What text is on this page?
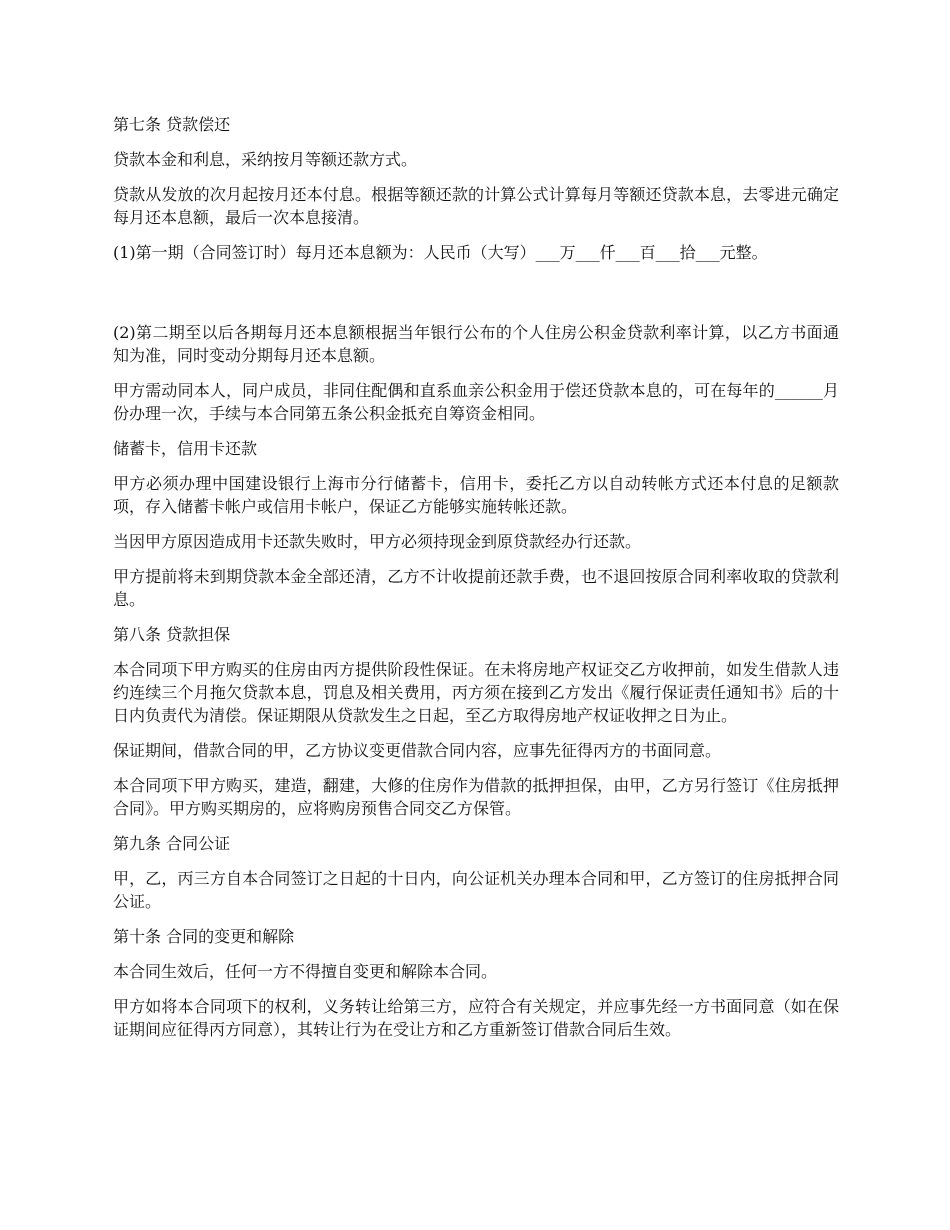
第七条 贷款偿还

贷款本金和利息，采纳按月等额还款方式。

贷款从发放的次月起按月还本付息。根据等额还款的计算公式计算每月等额还贷款本息，去零进元确定每月还本息额，最后一次本息接清。

(1)第一期（合同签订时）每月还本息额为：人民币（大写）___万___仟___百___拾___元整。

(2)第二期至以后各期每月还本息额根据当年银行公布的个人住房公积金贷款利率计算，以乙方书面通知为准，同时变动分期每月还本息额。

甲方需动同本人，同户成员，非同住配偶和直系血亲公积金用于偿还贷款本息的，可在每年的______月份办理一次，手续与本合同第五条公积金抵充自筹资金相同。

储蓄卡，信用卡还款

甲方必须办理中国建设银行上海市分行储蓄卡，信用卡，委托乙方以自动转帐方式还本付息的足额款项，存入储蓄卡帐户或信用卡帐户，保证乙方能够实施转帐还款。

当因甲方原因造成用卡还款失败时，甲方必须持现金到原贷款经办行还款。

甲方提前将未到期贷款本金全部还清，乙方不计收提前还款手费，也不退回按原合同利率收取的贷款利息。

第八条 贷款担保

本合同项下甲方购买的住房由丙方提供阶段性保证。在未将房地产权证交乙方收押前，如发生借款人违约连续三个月拖欠贷款本息，罚息及相关费用，丙方须在接到乙方发出《履行保证责任通知书》后的十日内负责代为清偿。保证期限从贷款发生之日起，至乙方取得房地产权证收押之日为止。

保证期间，借款合同的甲，乙方协议变更借款合同内容，应事先征得丙方的书面同意。

本合同项下甲方购买，建造，翻建，大修的住房作为借款的抵押担保，由甲，乙方另行签订《住房抵押合同》。甲方购买期房的，应将购房预售合同交乙方保管。

第九条 合同公证

甲，乙，丙三方自本合同签订之日起的十日内，向公证机关办理本合同和甲，乙方签订的住房抵押合同公证。

第十条 合同的变更和解除

本合同生效后，任何一方不得擅自变更和解除本合同。

甲方如将本合同项下的权利，义务转让给第三方，应符合有关规定，并应事先经一方书面同意（如在保证期间应征得丙方同意），其转让行为在受让方和乙方重新签订借款合同后生效。
